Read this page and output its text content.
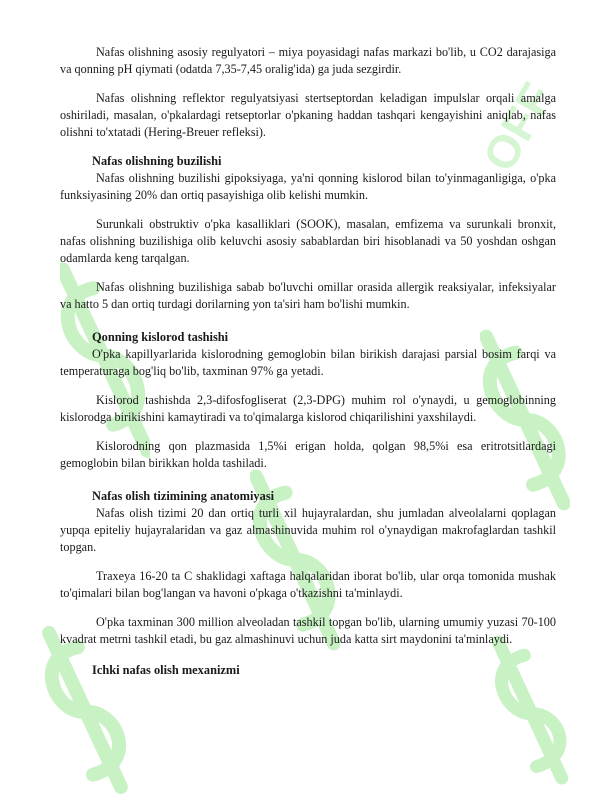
OFF

Nafas olishning asosiy regulyatori – miya poyasidagi nafas markazi bo'lib, u CO2 darajasiga va qonning pH qiymati (odatda 7,35-7,45 oralig'ida) ga juda sezgirdir.

Nafas olishning reflektor regulyatsiyasi stertseptordan keladigan impulslar orqali amalga oshiriladi, masalan, o'pkalardagi retseptorlar o'pkaning haddan tashqari kengayishini aniqlab, nafas olishni to'xtatadi (Hering-Breuer refleksi).

Nafas olishning buzilishi

Nafas olishning buzilishi gipoksiyaga, ya'ni qonning kislorod bilan to'yinmaganligiga, o'pka funksiyasining 20% dan ortiq pasayishiga olib kelishi mumkin.

Surunkali obstruktiv o'pka kasalliklari (SOOK), masalan, emfizema va surunkali bronxit, nafas olishning buzilishiga olib keluvchi asosiy sabablardan biri hisoblanadi va 50 yoshdan oshgan odamlarda keng tarqalgan.

Nafas olishning buzilishiga sabab bo'luvchi omillar orasida allergik reaksiyalar, infeksiyalar va hatto 5 dan ortiq turdagi dorilarning yon ta'siri ham bo'lishi mumkin.

Qonning kislorod tashishi

O'pka kapillyarlarida kislorodning gemoglobin bilan birikish darajasi parsial bosim farqi va temperaturaga bog'liq bo'lib, taxminan 97% ga yetadi.

Kislorod tashishda 2,3-difosfogliserat (2,3-DPG) muhim rol o'ynaydi, u gemoglobinning kislorodga birikishini kamaytiradi va to'qimalarga kislorod chiqarilishini yaxshilaydi.

Kislorodning qon plazmasida 1,5%i erigan holda, qolgan 98,5%i esa eritrotsitlardagi gemoglobin bilan birikkan holda tashiladi.

Nafas olish tizimining anatomiyasi

Nafas olish tizimi 20 dan ortiq turli xil hujayralardan, shu jumladan alveolalarni qoplagan yupqa epiteliy hujayralaridan va gaz almashinuvida muhim rol o'ynaydigan makrofaglardan tashkil topgan.

Traxeya 16-20 ta C shaklidagi xaftaga halqalaridan iborat bo'lib, ular orqa tomonida mushak to'qimalari bilan bog'langan va havoni o'pkaga o'tkazishni ta'minlaydi.

O'pka taxminan 300 million alveoladan tashkil topgan bo'lib, ularning umumiy yuzasi 70-100 kvadrat metrni tashkil etadi, bu gaz almashinuvi uchun juda katta sirt maydonini ta'minlaydi.

Ichki nafas olish mexanizmi
